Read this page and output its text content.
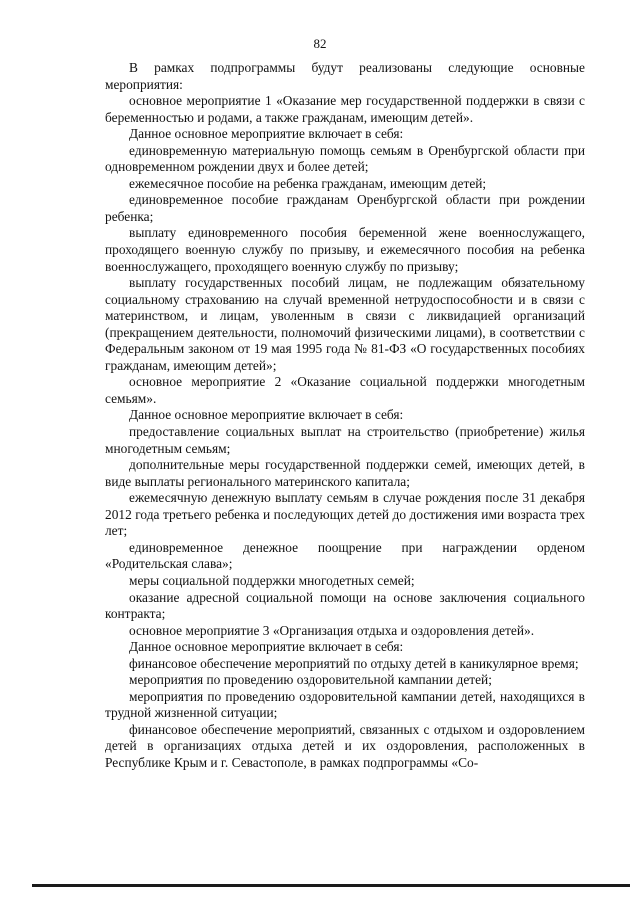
82

В рамках подпрограммы будут реализованы следующие основные мероприятия:

основное мероприятие 1 «Оказание мер государственной поддержки в связи с беременностью и родами, а также гражданам, имеющим детей».

Данное основное мероприятие включает в себя:

единовременную материальную помощь семьям в Оренбургской области при одновременном рождении двух и более детей;

ежемесячное пособие на ребенка гражданам, имеющим детей;

единовременное пособие гражданам Оренбургской области при рождении ребенка;

выплату единовременного пособия беременной жене военнослужащего, проходящего военную службу по призыву, и ежемесячного пособия на ребенка военнослужащего, проходящего военную службу по призыву;

выплату государственных пособий лицам, не подлежащим обязательному социальному страхованию на случай временной нетрудоспособности и в связи с материнством, и лицам, уволенным в связи с ликвидацией организаций (прекращением деятельности, полномочий физическими лицами), в соответствии с Федеральным законом от 19 мая 1995 года № 81-ФЗ «О государственных пособиях гражданам, имеющим детей»;

основное мероприятие 2 «Оказание социальной поддержки многодетным семьям».

Данное основное мероприятие включает в себя:

предоставление социальных выплат на строительство (приобретение) жилья многодетным семьям;

дополнительные меры государственной поддержки семей, имеющих детей, в виде выплаты регионального материнского капитала;

ежемесячную денежную выплату семьям в случае рождения после 31 декабря 2012 года третьего ребенка и последующих детей до достижения ими возраста трех лет;

единовременное денежное поощрение при награждении орденом «Родительская слава»;

меры социальной поддержки многодетных семей;

оказание адресной социальной помощи на основе заключения социального контракта;

основное мероприятие 3 «Организация отдыха и оздоровления детей».

Данное основное мероприятие включает в себя:

финансовое обеспечение мероприятий по отдыху детей в каникулярное время;

мероприятия по проведению оздоровительной кампании детей;

мероприятия по проведению оздоровительной кампании детей, находящихся в трудной жизненной ситуации;

финансовое обеспечение мероприятий, связанных с отдыхом и оздоровлением детей в организациях отдыха детей и их оздоровления, расположенных в Республике Крым и г. Севастополе, в рамках подпрограммы «Со-
